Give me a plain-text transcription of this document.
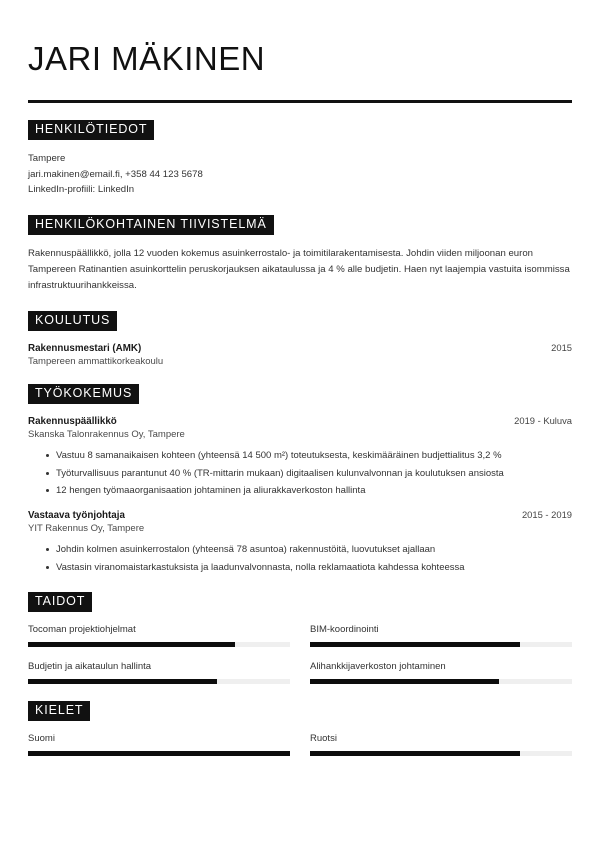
JARI MÄKINEN
HENKILÖTIEDOT
Tampere
jari.makinen@email.fi, +358 44 123 5678
LinkedIn-profiili: LinkedIn
HENKILÖKOHTAINEN TIIVISTELMÄ

Rakennuspäällikkö, jolla 12 vuoden kokemus asuinkerrostalo- ja toimitilarakentamisesta. Johdin viiden miljoonan euron Tampereen Ratinantien asuinkorttelin peruskorjauksen aikataulussa ja 4 % alle budjetin. Haen nyt laajempia vastuita isommissa infrastruktuurihankkeissa.

KOULUTUS
Rakennusmestari (AMK)	2015
Tampereen ammattikorkeakoulu
TYÖKOKEMUS
Rakennuspäällikkö	2019 - Kuluva
Skanska Talonrakennus Oy, Tampere
Vastuu 8 samanaikaisen kohteen (yhteensä 14 500 m²) toteutuksesta, keskimääräinen budjettialitus 3,2 %
Työturvallisuus parantunut 40 % (TR-mittarin mukaan) digitaalisen kulunvalvonnan ja koulutuksen ansiosta
12 hengen työmaaorganisaation johtaminen ja aliurakkaverkoston hallinta
Vastaava työnjohtaja	2015 - 2019
YIT Rakennus Oy, Tampere
Johdin kolmen asuinkerrostalon (yhteensä 78 asuntoa) rakennustöitä, luovutukset ajallaan
Vastasin viranomaistarkastuksista ja laadunvalvonnasta, nolla reklamaatiota kahdessa kohteessa
TAIDOT
Tocoman projektiohjelmat	BIM-koordinointi
Budjetin ja aikataulun hallinta	Alihankkijaverkoston johtaminen
KIELET
Suomi	Ruotsi
